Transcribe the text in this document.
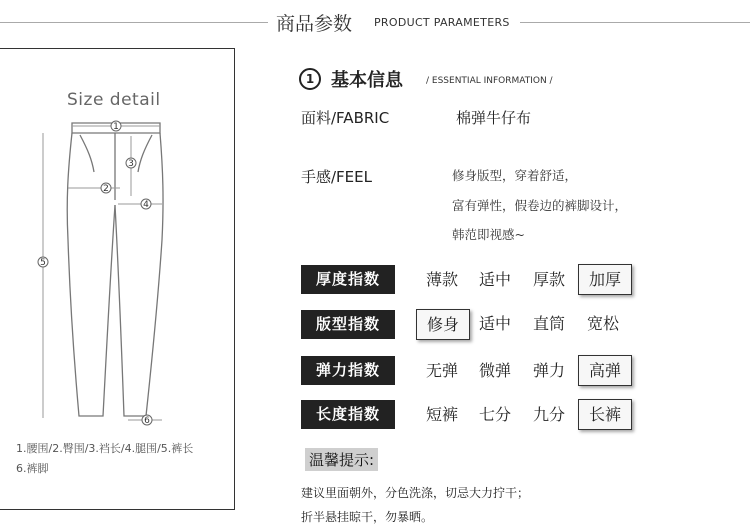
商品参数 PRODUCT PARAMETERS
Size detail
1
2
3
4
5
6
1.腰围/2.臀围/3.裆长/4.腿围/5.裤长
6.裤脚
1 基本信息	/ ESSENTIAL INFORMATION /
面料/FABRIC	棉弹牛仔布
手感/FEEL	修身版型，穿着舒适，
富有弹性，假卷边的裤脚设计，
韩范即视感~
厚度指数	薄款	适中	厚款	加厚
版型指数	修身	适中	直筒	宽松
弹力指数	无弹	微弹	弹力	高弹
长度指数	短裤	七分	九分	长裤
温馨提示:
建议里面朝外，分色洗涤，切忌大力拧干；
折半悬挂晾干，勿暴晒。
